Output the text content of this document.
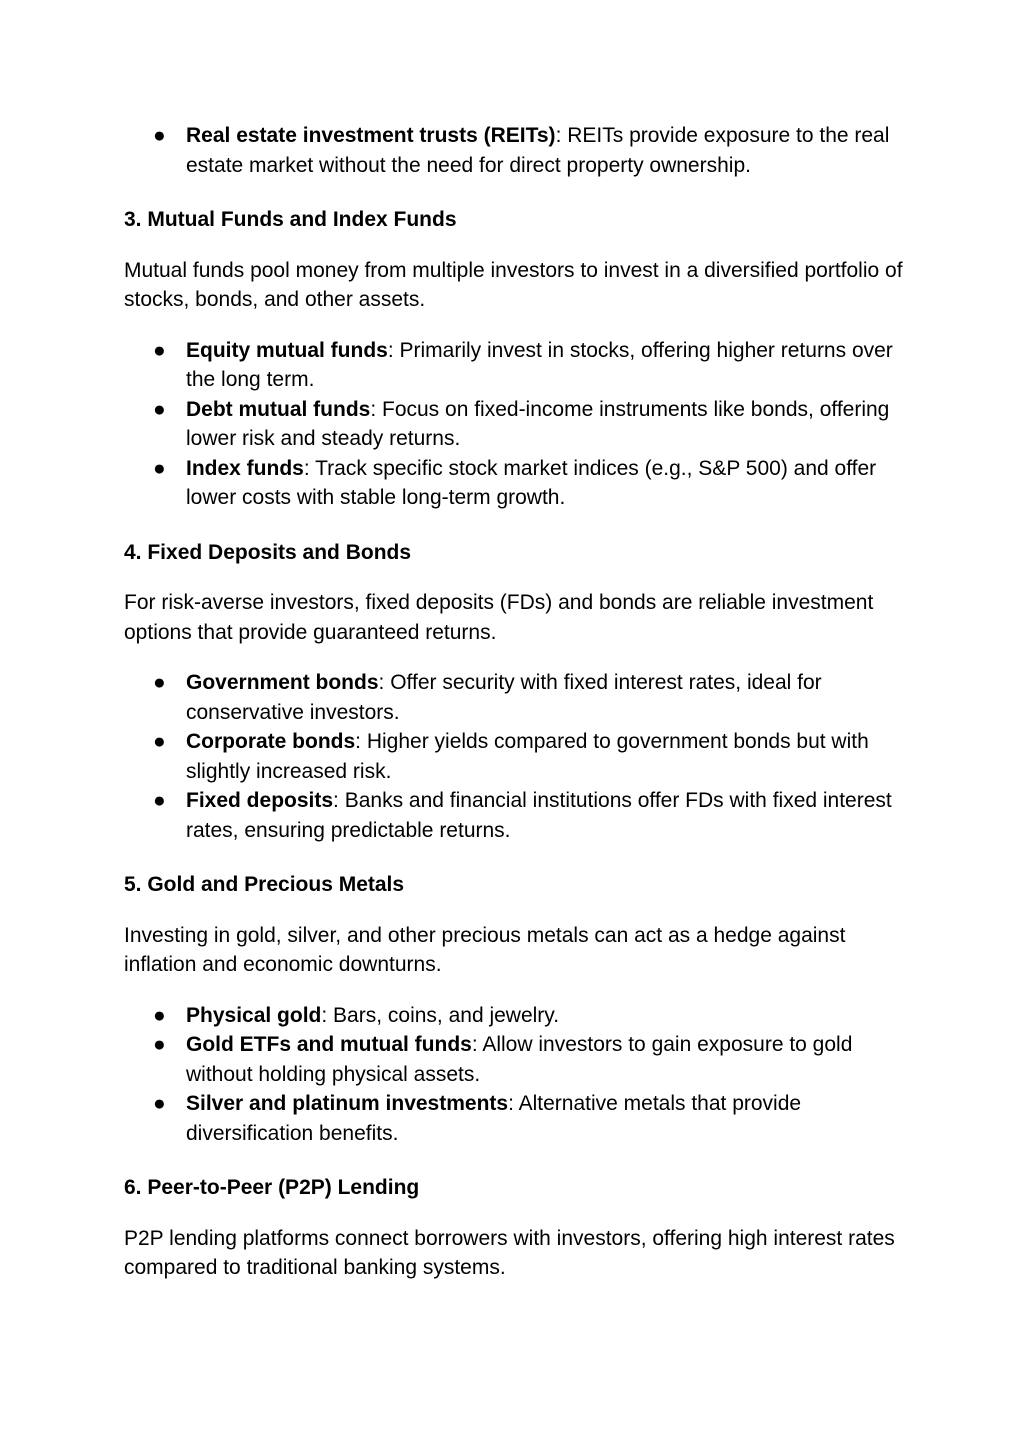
● Real estate investment trusts (REITs): REITs provide exposure to the real estate market without the need for direct property ownership.

3. Mutual Funds and Index Funds

Mutual funds pool money from multiple investors to invest in a diversified portfolio of stocks, bonds, and other assets.

● Equity mutual funds: Primarily invest in stocks, offering higher returns over the long term.
● Debt mutual funds: Focus on fixed-income instruments like bonds, offering lower risk and steady returns.
● Index funds: Track specific stock market indices (e.g., S&P 500) and offer lower costs with stable long-term growth.

4. Fixed Deposits and Bonds

For risk-averse investors, fixed deposits (FDs) and bonds are reliable investment options that provide guaranteed returns.

● Government bonds: Offer security with fixed interest rates, ideal for conservative investors.
● Corporate bonds: Higher yields compared to government bonds but with slightly increased risk.
● Fixed deposits: Banks and financial institutions offer FDs with fixed interest rates, ensuring predictable returns.

5. Gold and Precious Metals

Investing in gold, silver, and other precious metals can act as a hedge against inflation and economic downturns.

● Physical gold: Bars, coins, and jewelry.
● Gold ETFs and mutual funds: Allow investors to gain exposure to gold without holding physical assets.
● Silver and platinum investments: Alternative metals that provide diversification benefits.

6. Peer-to-Peer (P2P) Lending

P2P lending platforms connect borrowers with investors, offering high interest rates compared to traditional banking systems.
